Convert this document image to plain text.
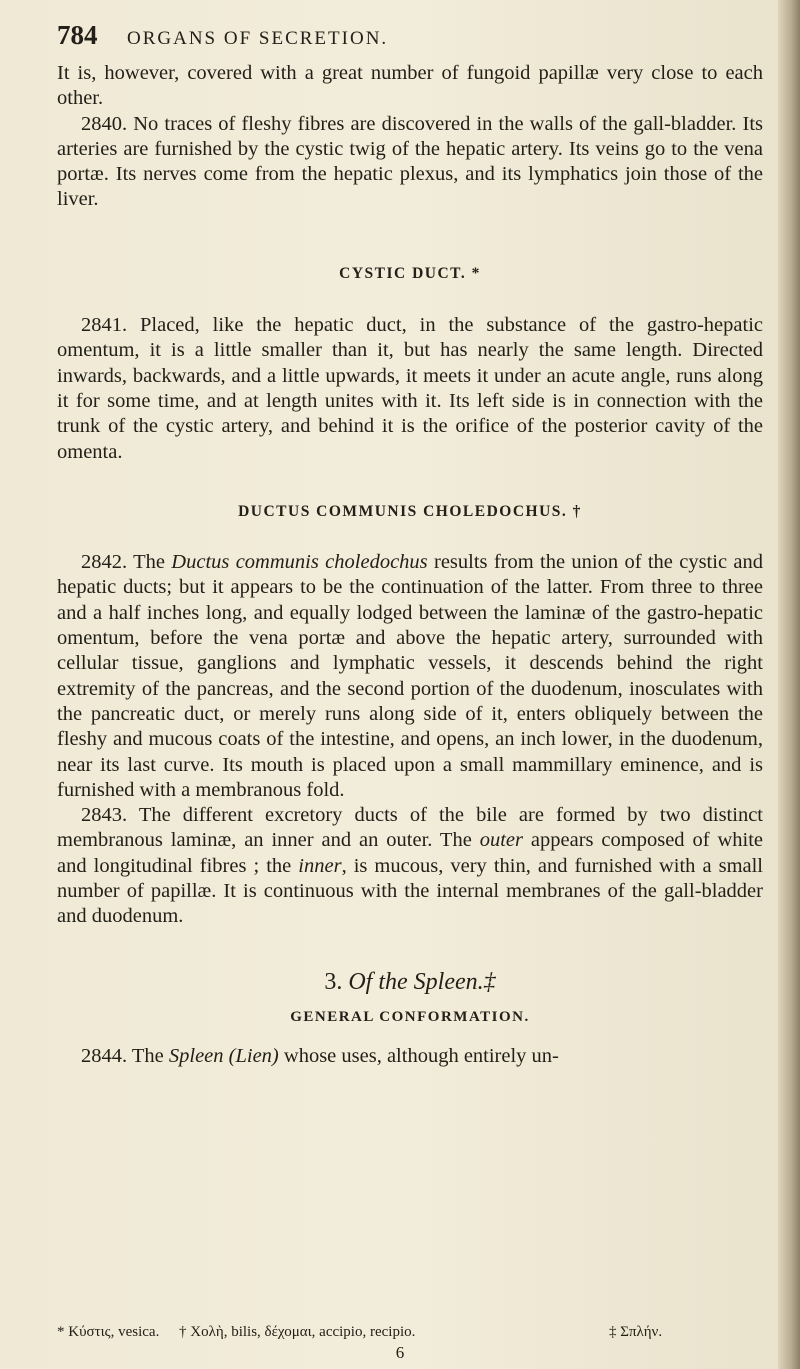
784 ORGANS OF SECRETION.

It is, however, covered with a great number of fungoid papillæ very close to each other.

2840. No traces of fleshy fibres are discovered in the walls of the gall-bladder. Its arteries are furnished by the cystic twig of the hepatic artery. Its veins go to the vena portæ. Its nerves come from the hepatic plexus, and its lymphatics join those of the liver.

CYSTIC DUCT. *

2841. Placed, like the hepatic duct, in the substance of the gastro-hepatic omentum, it is a little smaller than it, but has nearly the same length. Directed inwards, backwards, and a little upwards, it meets it under an acute angle, runs along it for some time, and at length unites with it. Its left side is in connection with the trunk of the cystic artery, and behind it is the orifice of the posterior cavity of the omenta.

DUCTUS COMMUNIS CHOLEDOCHUS. †

2842. The Ductus communis choledochus results from the union of the cystic and hepatic ducts; but it appears to be the continuation of the latter. From three to three and a half inches long, and equally lodged between the laminæ of the gastro-hepatic omentum, before the vena portæ and above the hepatic artery, surrounded with cellular tissue, ganglions and lymphatic vessels, it descends behind the right extremity of the pancreas, and the second portion of the duodenum, inosculates with the pancreatic duct, or merely runs along side of it, enters obliquely between the fleshy and mucous coats of the intestine, and opens, an inch lower, in the duodenum, near its last curve. Its mouth is placed upon a small mammillary eminence, and is furnished with a membranous fold.

2843. The different excretory ducts of the bile are formed by two distinct membranous laminæ, an inner and an outer. The outer appears composed of white and longitudinal fibres ; the inner, is mucous, very thin, and furnished with a small number of papillæ. It is continuous with the internal membranes of the gall-bladder and duodenum.

3. Of the Spleen.‡
GENERAL CONFORMATION.

2844. The Spleen (Lien) whose uses, although entirely un-

* Κύστις, vesica. † Χολὴ, bilis, δέχομαι, accipio, recipio.	‡ Σπλήν.
6
